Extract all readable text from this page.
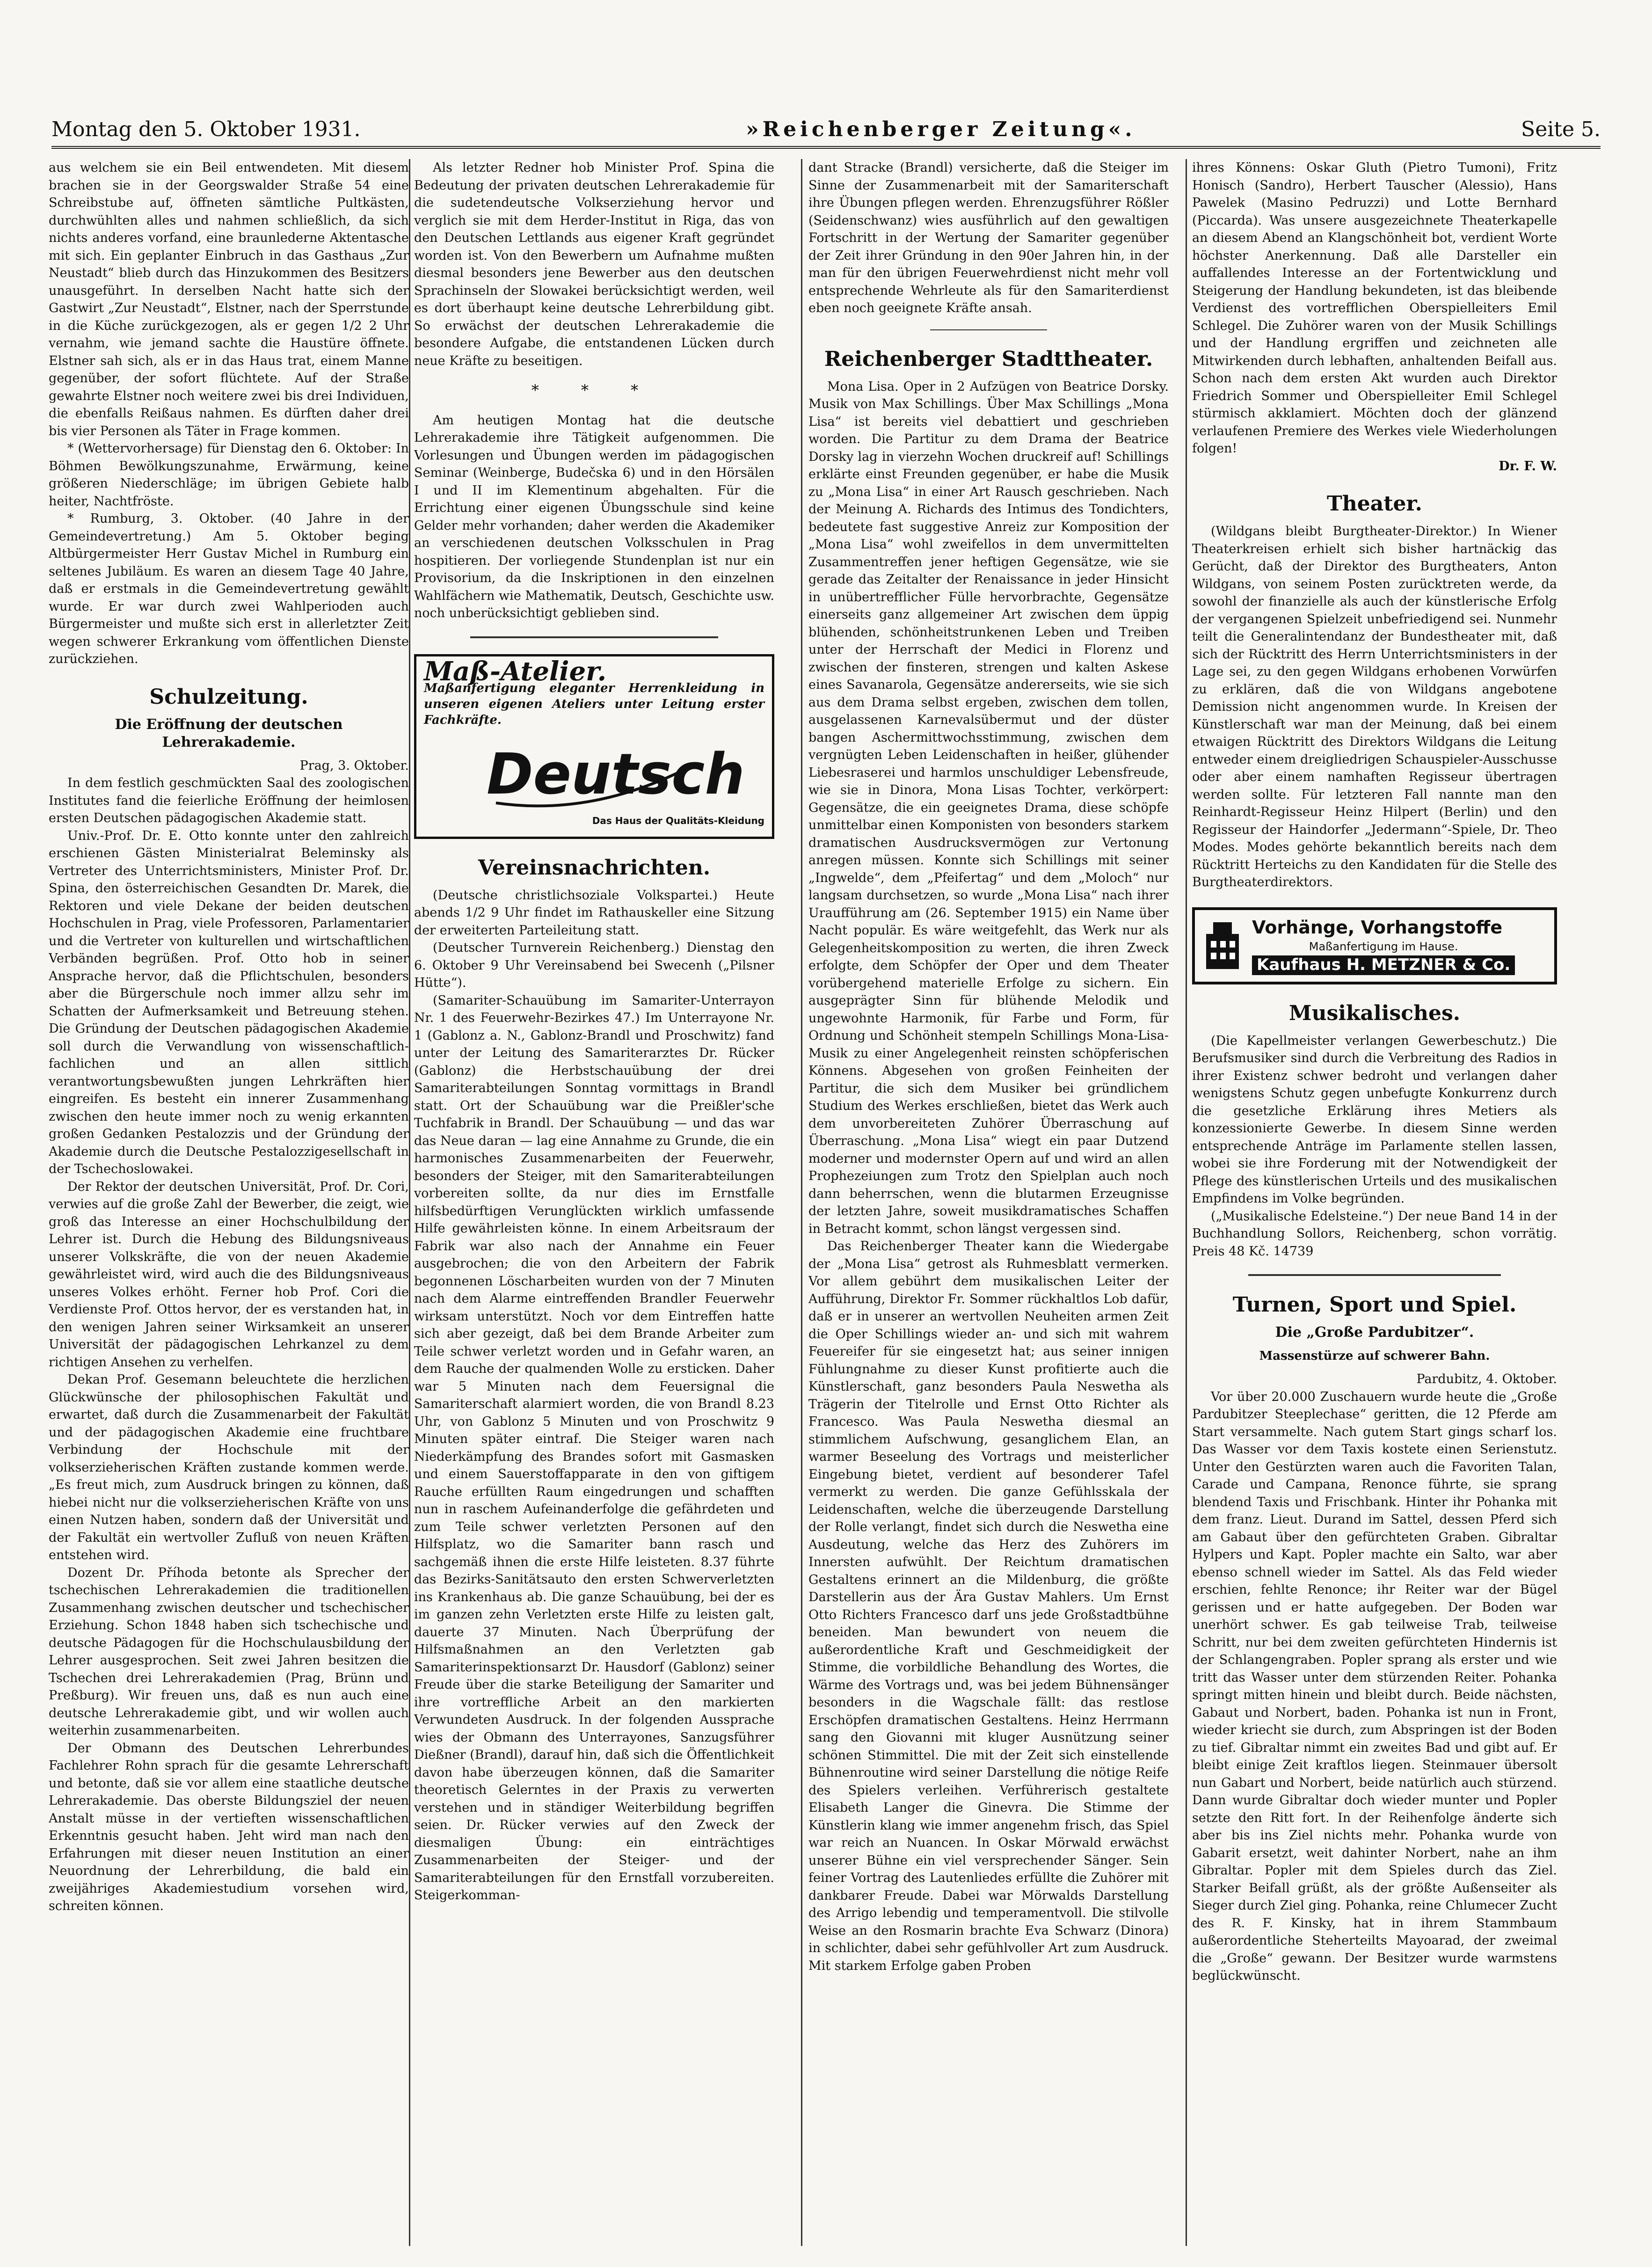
Montag den 5. Oktober 1931.	»Reichenberger Zeitung«.	Seite 5.

aus welchem sie ein Beil entwendeten. Mit diesem brachen sie in der Georgswalder Straße 54 eine Schreibstube auf, öffneten sämtliche Pultkästen, durchwühlten alles und nahmen schließlich, da sich nichts anderes vorfand, eine braunlederne Aktentasche mit sich. Ein geplanter Einbruch in das Gasthaus „Zur Neustadt“ blieb durch das Hinzukommen des Besitzers unausgeführt. In derselben Nacht hatte sich der Gastwirt „Zur Neustadt“, Elstner, nach der Sperrstunde in die Küche zurückgezogen, als er gegen 1/2 2 Uhr vernahm, wie jemand sachte die Haustüre öffnete. Elstner sah sich, als er in das Haus trat, einem Manne gegenüber, der sofort flüchtete. Auf der Straße gewahrte Elstner noch weitere zwei bis drei Individuen, die ebenfalls Reißaus nahmen. Es dürften daher drei bis vier Personen als Täter in Frage kommen.

* (Wettervorhersage) für Dienstag den 6. Oktober: In Böhmen Bewölkungszunahme, Erwärmung, keine größeren Niederschläge; im übrigen Gebiete halb heiter, Nachtfröste.

* Rumburg, 3. Oktober. (40 Jahre in der Gemeindevertretung.) Am 5. Oktober beging Altbürgermeister Herr Gustav Michel in Rumburg ein seltenes Jubiläum. Es waren an diesem Tage 40 Jahre, daß er erstmals in die Gemeindevertretung gewählt wurde. Er war durch zwei Wahlperioden auch Bürgermeister und mußte sich erst in allerletzter Zeit wegen schwerer Erkrankung vom öffentlichen Dienste zurückziehen.

Schulzeitung.
Die Eröffnung der deutschen Lehrerakademie.

Prag, 3. Oktober.

In dem festlich geschmückten Saal des zoologischen Institutes fand die feierliche Eröffnung der heimlosen ersten Deutschen pädagogischen Akademie statt.

Univ.-Prof. Dr. E. Otto konnte unter den zahlreich erschienen Gästen Ministerialrat Beleminsky als Vertreter des Unterrichtsministers, Minister Prof. Dr. Spina, den österreichischen Gesandten Dr. Marek, die Rektoren und viele Dekane der beiden deutschen Hochschulen in Prag, viele Professoren, Parlamentarier und die Vertreter von kulturellen und wirtschaftlichen Verbänden begrüßen. Prof. Otto hob in seiner Ansprache hervor, daß die Pflichtschulen, besonders aber die Bürgerschule noch immer allzu sehr im Schatten der Aufmerksamkeit und Betreuung stehen. Die Gründung der Deutschen pädagogischen Akademie soll durch die Verwandlung von wissenschaftlich-fachlichen und an allen sittlich verantwortungsbewußten jungen Lehrkräften hier eingreifen. Es besteht ein innerer Zusammenhang zwischen den heute immer noch zu wenig erkannten großen Gedanken Pestalozzis und der Gründung der Akademie durch die Deutsche Pestalozzigesellschaft in der Tschechoslowakei.

Der Rektor der deutschen Universität, Prof. Dr. Cori, verwies auf die große Zahl der Bewerber, die zeigt, wie groß das Interesse an einer Hochschulbildung der Lehrer ist. Durch die Hebung des Bildungsniveaus unserer Volkskräfte, die von der neuen Akademie gewährleistet wird, wird auch die des Bildungsniveaus unseres Volkes erhöht. Ferner hob Prof. Cori die Verdienste Prof. Ottos hervor, der es verstanden hat, in den wenigen Jahren seiner Wirksamkeit an unserer Universität der pädagogischen Lehrkanzel zu dem richtigen Ansehen zu verhelfen.

Dekan Prof. Gesemann beleuchtete die herzlichen Glückwünsche der philosophischen Fakultät und erwartet, daß durch die Zusammenarbeit der Fakultät und der pädagogischen Akademie eine fruchtbare Verbindung der Hochschule mit der volkserzieherischen Kräften zustande kommen werde. „Es freut mich, zum Ausdruck bringen zu können, daß hiebei nicht nur die volkserzieherischen Kräfte von uns einen Nutzen haben, sondern daß der Universität und der Fakultät ein wertvoller Zufluß von neuen Kräften entstehen wird.

Dozent Dr. Příhoda betonte als Sprecher der tschechischen Lehrerakademien die traditionellen Zusammenhang zwischen deutscher und tschechischer Erziehung. Schon 1848 haben sich tschechische und deutsche Pädagogen für die Hochschulausbildung der Lehrer ausgesprochen. Seit zwei Jahren besitzen die Tschechen drei Lehrerakademien (Prag, Brünn und Preßburg). Wir freuen uns, daß es nun auch eine deutsche Lehrerakademie gibt, und wir wollen auch weiterhin zusammenarbeiten.

Der Obmann des Deutschen Lehrerbundes Fachlehrer Rohn sprach für die gesamte Lehrerschaft und betonte, daß sie vor allem eine staatliche deutsche Lehrerakademie. Das oberste Bildungsziel der neuen Anstalt müsse in der vertieften wissenschaftlichen Erkenntnis gesucht haben. Jeht wird man nach den Erfahrungen mit dieser neuen Institution an einer Neuordnung der Lehrerbildung, die bald ein zweijähriges Akademiestudium vorsehen wird, schreiten können.

Als letzter Redner hob Minister Prof. Spina die Bedeutung der privaten deutschen Lehrerakademie für die sudetendeutsche Volkserziehung hervor und verglich sie mit dem Herder-Institut in Riga, das von den Deutschen Lettlands aus eigener Kraft gegründet worden ist. Von den Bewerbern um Aufnahme mußten diesmal besonders jene Bewerber aus den deutschen Sprachinseln der Slowakei berücksichtigt werden, weil es dort überhaupt keine deutsche Lehrerbildung gibt. So erwächst der deutschen Lehrerakademie die besondere Aufgabe, die entstandenen Lücken durch neue Kräfte zu beseitigen.

* * *

Am heutigen Montag hat die deutsche Lehrerakademie ihre Tätigkeit aufgenommen. Die Vorlesungen und Übungen werden im pädagogischen Seminar (Weinberge, Budečska 6) und in den Hörsälen I und II im Klementinum abgehalten. Für die Errichtung einer eigenen Übungsschule sind keine Gelder mehr vorhanden; daher werden die Akademiker an verschiedenen deutschen Volksschulen in Prag hospitieren. Der vorliegende Stundenplan ist nur ein Provisorium, da die Inskriptionen in den einzelnen Wahlfächern wie Mathematik, Deutsch, Geschichte usw. noch unberücksichtigt geblieben sind.

Maß-Atelier.
Maßanfertigung eleganter Herrenkleidung in unseren eigenen Ateliers unter Leitung erster Fachkräfte.
Deutsch
Das Haus der Qualitäts-Kleidung
Vereinsnachrichten.

(Deutsche christlichsoziale Volkspartei.) Heute abends 1/2 9 Uhr findet im Rathauskeller eine Sitzung der erweiterten Parteileitung statt.

(Deutscher Turnverein Reichenberg.) Dienstag den 6. Oktober 9 Uhr Vereinsabend bei Swecenh („Pilsner Hütte“).

(Samariter-Schauübung im Samariter-Unterrayon Nr. 1 des Feuerwehr-Bezirkes 47.) Im Unterrayone Nr. 1 (Gablonz a. N., Gablonz-Brandl und Proschwitz) fand unter der Leitung des Samariterarztes Dr. Rücker (Gablonz) die Herbstschauübung der drei Samariterabteilungen Sonntag vormittags in Brandl statt. Ort der Schauübung war die Preißler'sche Tuchfabrik in Brandl. Der Schauübung — und das war das Neue daran — lag eine Annahme zu Grunde, die ein harmonisches Zusammenarbeiten der Feuerwehr, besonders der Steiger, mit den Samariterabteilungen vorbereiten sollte, da nur dies im Ernstfalle hilfsbedürftigen Verunglückten wirklich umfassende Hilfe gewährleisten könne. In einem Arbeitsraum der Fabrik war also nach der Annahme ein Feuer ausgebrochen; die von den Arbeitern der Fabrik begonnenen Löscharbeiten wurden von der 7 Minuten nach dem Alarme eintreffenden Brandler Feuerwehr wirksam unterstützt. Noch vor dem Eintreffen hatte sich aber gezeigt, daß bei dem Brande Arbeiter zum Teile schwer verletzt worden und in Gefahr waren, an dem Rauche der qualmenden Wolle zu ersticken. Daher war 5 Minuten nach dem Feuersignal die Samariterschaft alarmiert worden, die von Brandl 8.23 Uhr, von Gablonz 5 Minuten und von Proschwitz 9 Minuten später eintraf. Die Steiger waren nach Niederkämpfung des Brandes sofort mit Gasmasken und einem Sauerstoffapparate in den von giftigem Rauche erfüllten Raum eingedrungen und schafften nun in raschem Aufeinanderfolge die gefährdeten und zum Teile schwer verletzten Personen auf den Hilfsplatz, wo die Samariter bann rasch und sachgemäß ihnen die erste Hilfe leisteten. 8.37 führte das Bezirks-Sanitätsauto den ersten Schwerverletzten ins Krankenhaus ab. Die ganze Schauübung, bei der es im ganzen zehn Verletzten erste Hilfe zu leisten galt, dauerte 37 Minuten. Nach Überprüfung der Hilfsmaßnahmen an den Verletzten gab Samariterinspektionsarzt Dr. Hausdorf (Gablonz) seiner Freude über die starke Beteiligung der Samariter und ihre vortreffliche Arbeit an den markierten Verwundeten Ausdruck. In der folgenden Aussprache wies der Obmann des Unterrayones, Sanzugsführer Dießner (Brandl), darauf hin, daß sich die Öffentlichkeit davon habe überzeugen können, daß die Samariter theoretisch Gelerntes in der Praxis zu verwerten verstehen und in ständiger Weiterbildung begriffen seien. Dr. Rücker verwies auf den Zweck der diesmaligen Übung: ein einträchtiges Zusammenarbeiten der Steiger- und der Samariterabteilungen für den Ernstfall vorzubereiten. Steigerkomman-

dant Stracke (Brandl) versicherte, daß die Steiger im Sinne der Zusammenarbeit mit der Samariterschaft ihre Übungen pflegen werden. Ehrenzugsführer Rößler (Seidenschwanz) wies ausführlich auf den gewaltigen Fortschritt in der Wertung der Samariter gegenüber der Zeit ihrer Gründung in den 90er Jahren hin, in der man für den übrigen Feuerwehrdienst nicht mehr voll entsprechende Wehrleute als für den Samariterdienst eben noch geeignete Kräfte ansah.

Reichenberger Stadttheater.

Mona Lisa. Oper in 2 Aufzügen von Beatrice Dorsky. Musik von Max Schillings. Über Max Schillings „Mona Lisa“ ist bereits viel debattiert und geschrieben worden. Die Partitur zu dem Drama der Beatrice Dorsky lag in vierzehn Wochen druckreif auf! Schillings erklärte einst Freunden gegenüber, er habe die Musik zu „Mona Lisa“ in einer Art Rausch geschrieben. Nach der Meinung A. Richards des Intimus des Tondichters, bedeutete fast suggestive Anreiz zur Komposition der „Mona Lisa“ wohl zweifellos in dem unvermittelten Zusammentreffen jener heftigen Gegensätze, wie sie gerade das Zeitalter der Renaissance in jeder Hinsicht in unübertrefflicher Fülle hervorbrachte, Gegensätze einerseits ganz allgemeiner Art zwischen dem üppig blühenden, schönheitstrunkenen Leben und Treiben unter der Herrschaft der Medici in Florenz und zwischen der finsteren, strengen und kalten Askese eines Savanarola, Gegensätze andererseits, wie sie sich aus dem Drama selbst ergeben, zwischen dem tollen, ausgelassenen Karnevalsübermut und der düster bangen Aschermittwochsstimmung, zwischen dem vergnügten Leben Leidenschaften in heißer, glühender Liebesraserei und harmlos unschuldiger Lebensfreude, wie sie in Dinora, Mona Lisas Tochter, verkörpert: Gegensätze, die ein geeignetes Drama, diese schöpfe unmittelbar einen Komponisten von besonders starkem dramatischen Ausdrucksvermögen zur Vertonung anregen müssen. Konnte sich Schillings mit seiner „Ingwelde“, dem „Pfeifertag“ und dem „Moloch“ nur langsam durchsetzen, so wurde „Mona Lisa“ nach ihrer Uraufführung am (26. September 1915) ein Name über Nacht populär. Es wäre weitgefehlt, das Werk nur als Gelegenheitskomposition zu werten, die ihren Zweck erfolgte, dem Schöpfer der Oper und dem Theater vorübergehend materielle Erfolge zu sichern. Ein ausgeprägter Sinn für blühende Melodik und ungewohnte Harmonik, für Farbe und Form, für Ordnung und Schönheit stempeln Schillings Mona-Lisa-Musik zu einer Angelegenheit reinsten schöpferischen Könnens. Abgesehen von großen Feinheiten der Partitur, die sich dem Musiker bei gründlichem Studium des Werkes erschließen, bietet das Werk auch dem unvorbereiteten Zuhörer Überraschung auf Überraschung. „Mona Lisa“ wiegt ein paar Dutzend moderner und modernster Opern auf und wird an allen Prophezeiungen zum Trotz den Spielplan auch noch dann beherrschen, wenn die blutarmen Erzeugnisse der letzten Jahre, soweit musikdramatisches Schaffen in Betracht kommt, schon längst vergessen sind.

Das Reichenberger Theater kann die Wiedergabe der „Mona Lisa“ getrost als Ruhmesblatt vermerken. Vor allem gebührt dem musikalischen Leiter der Aufführung, Direktor Fr. Sommer rückhaltlos Lob dafür, daß er in unserer an wertvollen Neuheiten armen Zeit die Oper Schillings wieder an- und sich mit wahrem Feuereifer für sie eingesetzt hat; aus seiner innigen Fühlungnahme zu dieser Kunst profitierte auch die Künstlerschaft, ganz besonders Paula Neswetha als Trägerin der Titelrolle und Ernst Otto Richter als Francesco. Was Paula Neswetha diesmal an stimmlichem Aufschwung, gesanglichem Elan, an warmer Beseelung des Vortrags und meisterlicher Eingebung bietet, verdient auf besonderer Tafel vermerkt zu werden. Die ganze Gefühlsskala der Leidenschaften, welche die überzeugende Darstellung der Rolle verlangt, findet sich durch die Neswetha eine Ausdeutung, welche das Herz des Zuhörers im Innersten aufwühlt. Der Reichtum dramatischen Gestaltens erinnert an die Mildenburg, die größte Darstellerin aus der Ära Gustav Mahlers. Um Ernst Otto Richters Francesco darf uns jede Großstadtbühne beneiden. Man bewundert von neuem die außerordentliche Kraft und Geschmeidigkeit der Stimme, die vorbildliche Behandlung des Wortes, die Wärme des Vortrags und, was bei jedem Bühnensänger besonders in die Wagschale fällt: das restlose Erschöpfen dramatischen Gestaltens. Heinz Herrmann sang den Giovanni mit kluger Ausnützung seiner schönen Stimmittel. Die mit der Zeit sich einstellende Bühnenroutine wird seiner Darstellung die nötige Reife des Spielers verleihen. Verführerisch gestaltete Elisabeth Langer die Ginevra. Die Stimme der Künstlerin klang wie immer angenehm frisch, das Spiel war reich an Nuancen. In Oskar Mörwald erwächst unserer Bühne ein viel versprechender Sänger. Sein feiner Vortrag des Lautenliedes erfüllte die Zuhörer mit dankbarer Freude. Dabei war Mörwalds Darstellung des Arrigo lebendig und temperamentvoll. Die stilvolle Weise an den Rosmarin brachte Eva Schwarz (Dinora) in schlichter, dabei sehr gefühlvoller Art zum Ausdruck. Mit starkem Erfolge gaben Proben

ihres Könnens: Oskar Gluth (Pietro Tumoni), Fritz Honisch (Sandro), Herbert Tauscher (Alessio), Hans Pawelek (Masino Pedruzzi) und Lotte Bernhard (Piccarda). Was unsere ausgezeichnete Theaterkapelle an diesem Abend an Klangschönheit bot, verdient Worte höchster Anerkennung. Daß alle Darsteller ein auffallendes Interesse an der Fortentwicklung und Steigerung der Handlung bekundeten, ist das bleibende Verdienst des vortrefflichen Oberspielleiters Emil Schlegel. Die Zuhörer waren von der Musik Schillings und der Handlung ergriffen und zeichneten alle Mitwirkenden durch lebhaften, anhaltenden Beifall aus. Schon nach dem ersten Akt wurden auch Direktor Friedrich Sommer und Oberspielleiter Emil Schlegel stürmisch akklamiert. Möchten doch der glänzend verlaufenen Premiere des Werkes viele Wiederholungen folgen!

Dr. F. W.

Theater.

(Wildgans bleibt Burgtheater-Direktor.) In Wiener Theaterkreisen erhielt sich bisher hartnäckig das Gerücht, daß der Direktor des Burgtheaters, Anton Wildgans, von seinem Posten zurücktreten werde, da sowohl der finanzielle als auch der künstlerische Erfolg der vergangenen Spielzeit unbefriedigend sei. Nunmehr teilt die Generalintendanz der Bundestheater mit, daß sich der Rücktritt des Herrn Unterrichtsministers in der Lage sei, zu den gegen Wildgans erhobenen Vorwürfen zu erklären, daß die von Wildgans angebotene Demission nicht angenommen wurde. In Kreisen der Künstlerschaft war man der Meinung, daß bei einem etwaigen Rücktritt des Direktors Wildgans die Leitung entweder einem dreigliedrigen Schauspieler-Ausschusse oder aber einem namhaften Regisseur übertragen werden sollte. Für letzteren Fall nannte man den Reinhardt-Regisseur Heinz Hilpert (Berlin) und den Regisseur der Haindorfer „Jedermann“-Spiele, Dr. Theo Modes. Modes gehörte bekanntlich bereits nach dem Rücktritt Herteichs zu den Kandidaten für die Stelle des Burgtheaterdirektors.

Vorhänge, Vorhangstoffe
Maßanfertigung im Hause.
Kaufhaus H. METZNER & Co.
Musikalisches.

(Die Kapellmeister verlangen Gewerbeschutz.) Die Berufsmusiker sind durch die Verbreitung des Radios in ihrer Existenz schwer bedroht und verlangen daher wenigstens Schutz gegen unbefugte Konkurrenz durch die gesetzliche Erklärung ihres Metiers als konzessionierte Gewerbe. In diesem Sinne werden entsprechende Anträge im Parlamente stellen lassen, wobei sie ihre Forderung mit der Notwendigkeit der Pflege des künstlerischen Urteils und des musikalischen Empfindens im Volke begründen.

(„Musikalische Edelsteine.“) Der neue Band 14 in der Buchhandlung Sollors, Reichenberg, schon vorrätig. Preis 48 Kč. 14739

Turnen, Sport und Spiel.
Die „Große Pardubitzer“.
Massenstürze auf schwerer Bahn.

Pardubitz, 4. Oktober.

Vor über 20.000 Zuschauern wurde heute die „Große Pardubitzer Steeplechase“ geritten, die 12 Pferde am Start versammelte. Nach gutem Start gings scharf los. Das Wasser vor dem Taxis kostete einen Serienstutz. Unter den Gestürzten waren auch die Favoriten Talan, Carade und Campana, Renonce führte, sie sprang blendend Taxis und Frischbank. Hinter ihr Pohanka mit dem franz. Lieut. Durand im Sattel, dessen Pferd sich am Gabaut über den gefürchteten Graben. Gibraltar Hylpers und Kapt. Popler machte ein Salto, war aber ebenso schnell wieder im Sattel. Als das Feld wieder erschien, fehlte Renonce; ihr Reiter war der Bügel gerissen und er hatte aufgegeben. Der Boden war unerhört schwer. Es gab teilweise Trab, teilweise Schritt, nur bei dem zweiten gefürchteten Hindernis ist der Schlangengraben. Popler sprang als erster und wie tritt das Wasser unter dem stürzenden Reiter. Pohanka springt mitten hinein und bleibt durch. Beide nächsten, Gabaut und Norbert, baden. Pohanka ist nun in Front, wieder kriecht sie durch, zum Abspringen ist der Boden zu tief. Gibraltar nimmt ein zweites Bad und gibt auf. Er bleibt einige Zeit kraftlos liegen. Steinmauer übersolt nun Gabart und Norbert, beide natürlich auch stürzend. Dann wurde Gibraltar doch wieder munter und Popler setzte den Ritt fort. In der Reihenfolge änderte sich aber bis ins Ziel nichts mehr. Pohanka wurde von Gabarit ersetzt, weit dahinter Norbert, nahe an ihm Gibraltar. Popler mit dem Spieles durch das Ziel. Starker Beifall grüßt, als der größte Außenseiter als Sieger durch Ziel ging. Pohanka, reine Chlumecer Zucht des R. F. Kinsky, hat in ihrem Stammbaum außerordentliche Steherteilts Mayoarad, der zweimal die „Große“ gewann. Der Besitzer wurde warmstens beglückwünscht.
